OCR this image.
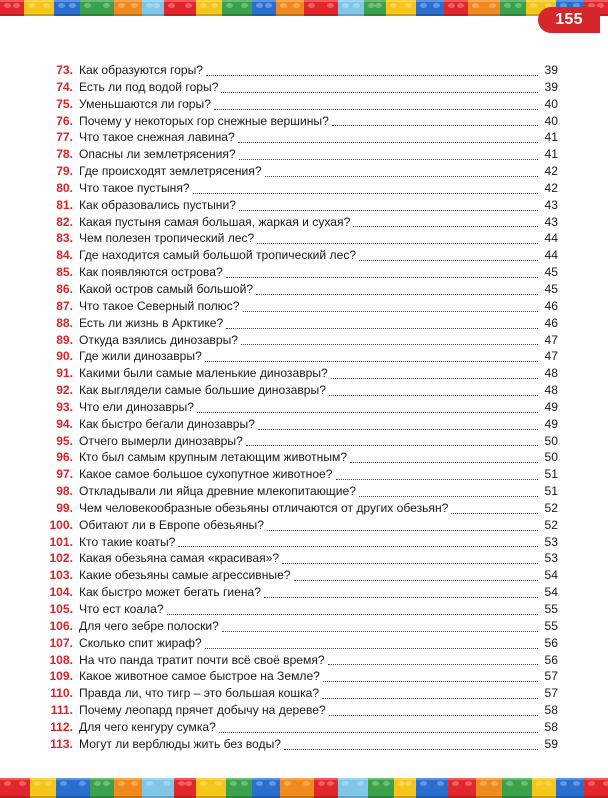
155
73. Как образуются горы?	39
74. Есть ли под водой горы?	39
75. Уменьшаются ли горы?	40
76. Почему у некоторых гор снежные вершины?	40
77. Что такое снежная лавина?	41
78. Опасны ли землетрясения?	41
79. Где происходят землетрясения?	42
80. Что такое пустыня?	42
81. Как образовались пустыни?	43
82. Какая пустыня самая большая, жаркая и сухая?	43
83. Чем полезен тропический лес?	44
84. Где находится самый большой тропический лес?	44
85. Как появляются острова?	45
86. Какой остров самый большой?	45
87. Что такое Северный полюс?	46
88. Есть ли жизнь в Арктике?	46
89. Откуда взялись динозавры?	47
90. Где жили динозавры?	47
91. Какими были самые маленькие динозавры?	48
92. Как выглядели самые большие динозавры?	48
93. Что ели динозавры?	49
94. Как быстро бегали динозавры?	49
95. Отчего вымерли динозавры?	50
96. Кто был самым крупным летающим животным?	50
97. Какое самое большое сухопутное животное?	51
98. Откладывали ли яйца древние млекопитающие?	51
99. Чем человекообразные обезьяны отличаются от других обезьян?	52
100. Обитают ли в Европе обезьяны?	52
101. Кто такие коаты?	53
102. Какая обезьяна самая «красивая»?	53
103. Какие обезьяны самые агрессивные?	54
104. Как быстро может бегать гиена?	54
105. Что ест коала?	55
106. Для чего зебре полоски?	55
107. Сколько спит жираф?	56
108. На что панда тратит почти всё своё время?	56
109. Какое животное самое быстрое на Земле?	57
110. Правда ли, что тигр – это большая кошка?	57
111. Почему леопард прячет добычу на дереве?	58
112. Для чего кенгуру сумка?	58
113. Могут ли верблюды жить без воды?	59
